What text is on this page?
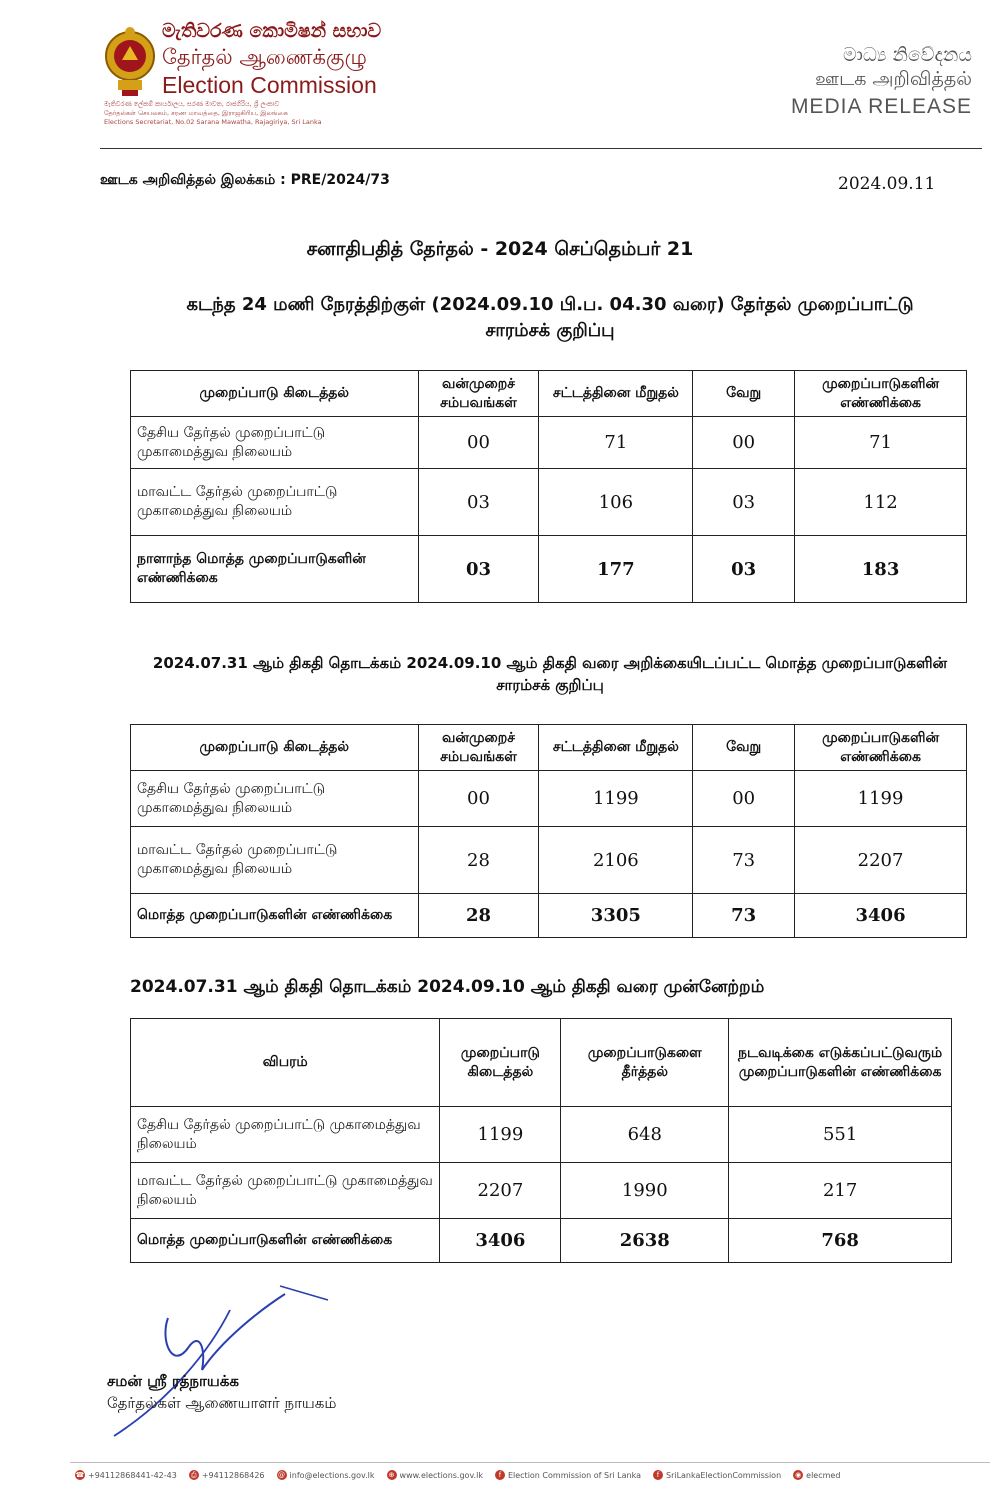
මැතිවරණ කොමිෂන් සභාව
தேர்தல் ஆணைக்குழு
Election Commission
මැතිවරණ ලේකම් කාර්යාලය, සරණ මාවත, රාජගිරිය, ශ්‍රී ලංකාව
தேர்தல்கள் செயலகம், சரண மாவத்தை, இராஜகிரிய, இலங்கை
Elections Secretariat, No.02 Sarana Mawatha, Rajagiriya, Sri Lanka
මාධ්‍ය නිවේදනය
ஊடக அறிவித்தல்
MEDIA RELEASE
ஊடக அறிவித்தல் இலக்கம் : PRE/2024/73	2024.09.11
சனாதிபதித் தேர்தல் - 2024 செப்தெம்பர் 21
கடந்த 24 மணி நேரத்திற்குள் (2024.09.10 பி.ப. 04.30 வரை) தேர்தல் முறைப்பாட்டு சாரம்சக் குறிப்பு
முறைப்பாடு கிடைத்தல்	வன்முறைச் சம்பவங்கள்	சட்டத்தினை மீறுதல்	வேறு	முறைப்பாடுகளின் எண்ணிக்கை
தேசிய தேர்தல் முறைப்பாட்டு முகாமைத்துவ நிலையம்	00	71	00	71
மாவட்ட தேர்தல் முறைப்பாட்டு முகாமைத்துவ நிலையம்	03	106	03	112
நாளாந்த மொத்த முறைப்பாடுகளின் எண்ணிக்கை	03	177	03	183
2024.07.31 ஆம் திகதி தொடக்கம் 2024.09.10 ஆம் திகதி வரை அறிக்கையிடப்பட்ட மொத்த முறைப்பாடுகளின் சாரம்சக் குறிப்பு
முறைப்பாடு கிடைத்தல்	வன்முறைச் சம்பவங்கள்	சட்டத்தினை மீறுதல்	வேறு	முறைப்பாடுகளின் எண்ணிக்கை
தேசிய தேர்தல் முறைப்பாட்டு முகாமைத்துவ நிலையம்	00	1199	00	1199
மாவட்ட தேர்தல் முறைப்பாட்டு முகாமைத்துவ நிலையம்	28	2106	73	2207
மொத்த முறைப்பாடுகளின் எண்ணிக்கை	28	3305	73	3406
2024.07.31 ஆம் திகதி தொடக்கம் 2024.09.10 ஆம் திகதி வரை முன்னேற்றம்
விபரம்	முறைப்பாடு கிடைத்தல்	முறைப்பாடுகளை தீர்த்தல்	நடவடிக்கை எடுக்கப்பட்டுவரும் முறைப்பாடுகளின் எண்ணிக்கை
தேசிய தேர்தல் முறைப்பாட்டு முகாமைத்துவ நிலையம்	1199	648	551
மாவட்ட தேர்தல் முறைப்பாட்டு முகாமைத்துவ நிலையம்	2207	1990	217
மொத்த முறைப்பாடுகளின் எண்ணிக்கை	3406	2638	768
சமன் ஸ்ரீ ரத்நாயக்க
தேர்தல்கள் ஆணையாளர் நாயகம்
☎ +94112868441-42-43	⎙ +94112868426 @ info@elections.gov.lk ⊕ www.elections.gov.lk	f Election Commission of Sri Lanka	f SriLankaElectionCommission ◉ elecmed
